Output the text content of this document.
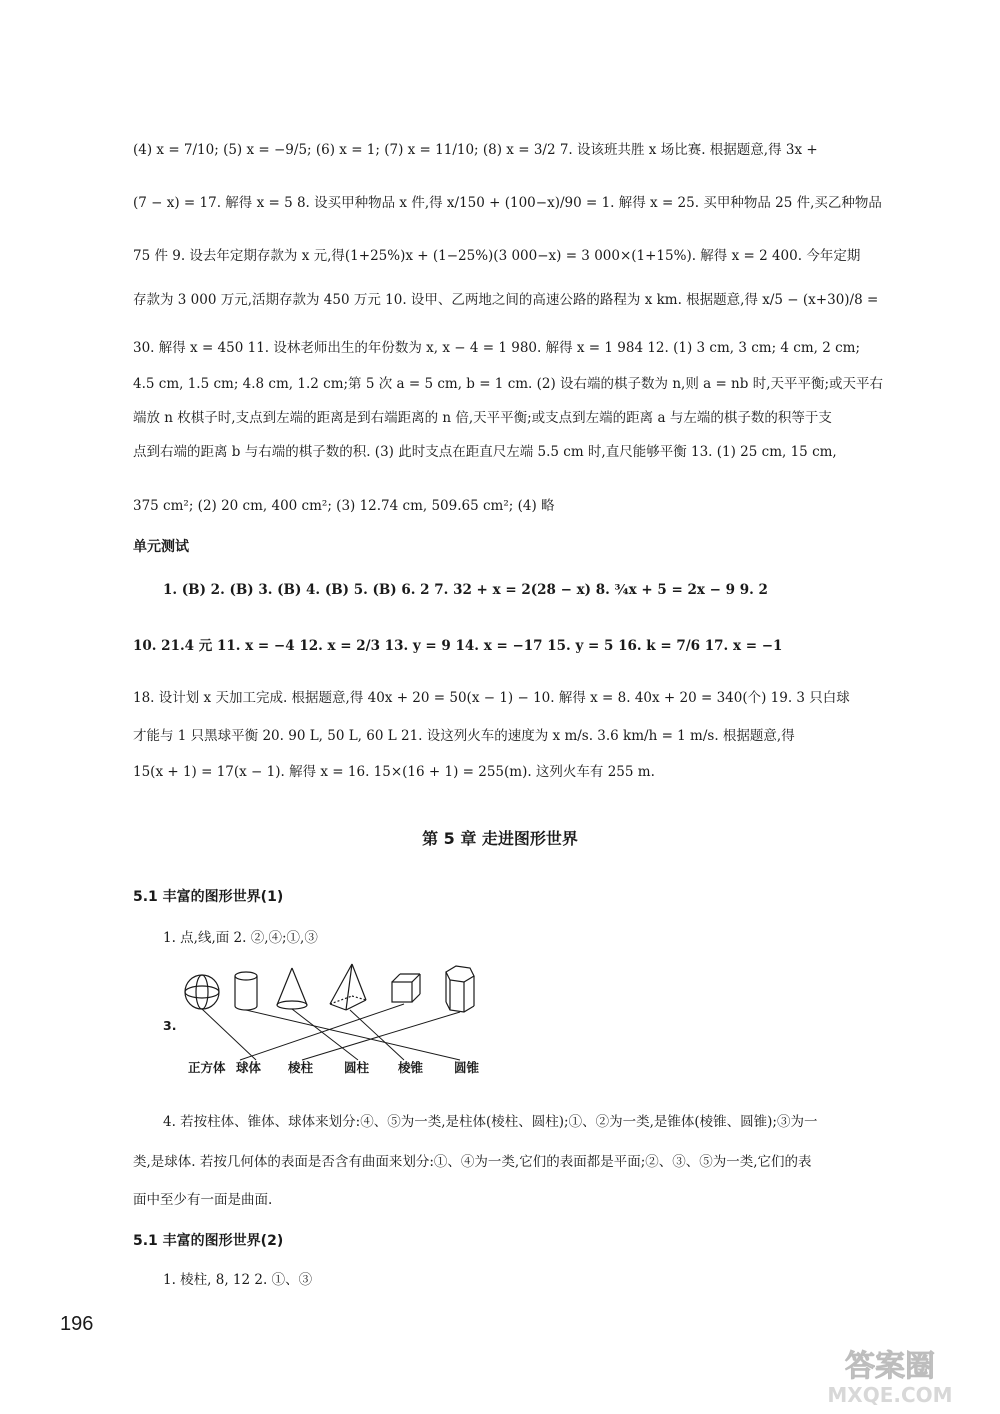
(4) x = 7/10; (5) x = −9/5; (6) x = 1; (7) x = 11/10; (8) x = 3/2 7. 设该班共胜 x 场比赛. 根据题意,得 3x +
(7 − x) = 17. 解得 x = 5 8. 设买甲种物品 x 件,得 x/150 + (100−x)/90 = 1. 解得 x = 25. 买甲种物品 25 件,买乙种物品
75 件 9. 设去年定期存款为 x 元,得(1+25%)x + (1−25%)(3 000−x) = 3 000×(1+15%). 解得 x = 2 400. 今年定期
存款为 3 000 万元,活期存款为 450 万元 10. 设甲、乙两地之间的高速公路的路程为 x km. 根据题意,得 x/5 − (x+30)/8 =
30. 解得 x = 450 11. 设林老师出生的年份数为 x, x − 4 = 1 980. 解得 x = 1 984 12. (1) 3 cm, 3 cm; 4 cm, 2 cm;
4.5 cm, 1.5 cm; 4.8 cm, 1.2 cm;第 5 次 a = 5 cm, b = 1 cm. (2) 设右端的棋子数为 n,则 a = nb 时,天平平衡;或天平右
端放 n 枚棋子时,支点到左端的距离是到右端距离的 n 倍,天平平衡;或支点到左端的距离 a 与左端的棋子数的积等于支
点到右端的距离 b 与右端的棋子数的积. (3) 此时支点在距直尺左端 5.5 cm 时,直尺能够平衡 13. (1) 25 cm, 15 cm,
375 cm²; (2) 20 cm, 400 cm²; (3) 12.74 cm, 509.65 cm²; (4) 略
单元测试
1. (B) 2. (B) 3. (B) 4. (B) 5. (B) 6. 2 7. 32 + x = 2(28 − x) 8. ¾x + 5 = 2x − 9 9. 2
10. 21.4 元 11. x = −4 12. x = 2/3 13. y = 9 14. x = −17 15. y = 5 16. k = 7/6 17. x = −1
18. 设计划 x 天加工完成. 根据题意,得 40x + 20 = 50(x − 1) − 10. 解得 x = 8. 40x + 20 = 340(个) 19. 3 只白球
才能与 1 只黑球平衡 20. 90 L, 50 L, 60 L 21. 设这列火车的速度为 x m/s. 3.6 km/h = 1 m/s. 根据题意,得
15(x + 1) = 17(x − 1). 解得 x = 16. 15×(16 + 1) = 255(m). 这列火车有 255 m.
第 5 章 走进图形世界
5.1 丰富的图形世界(1)
1. 点,线,面 2. ②,④;①,③
3.
正方体 球体 棱柱 圆柱 棱锥 圆锥
4. 若按柱体、锥体、球体来划分:④、⑤为一类,是柱体(棱柱、圆柱);①、②为一类,是锥体(棱锥、圆锥);③为一
类,是球体. 若按几何体的表面是否含有曲面来划分:①、④为一类,它们的表面都是平面;②、③、⑤为一类,它们的表
面中至少有一面是曲面.
5.1 丰富的图形世界(2)
1. 棱柱, 8, 12 2. ①、③
196
答案圈
MXQE.COM
